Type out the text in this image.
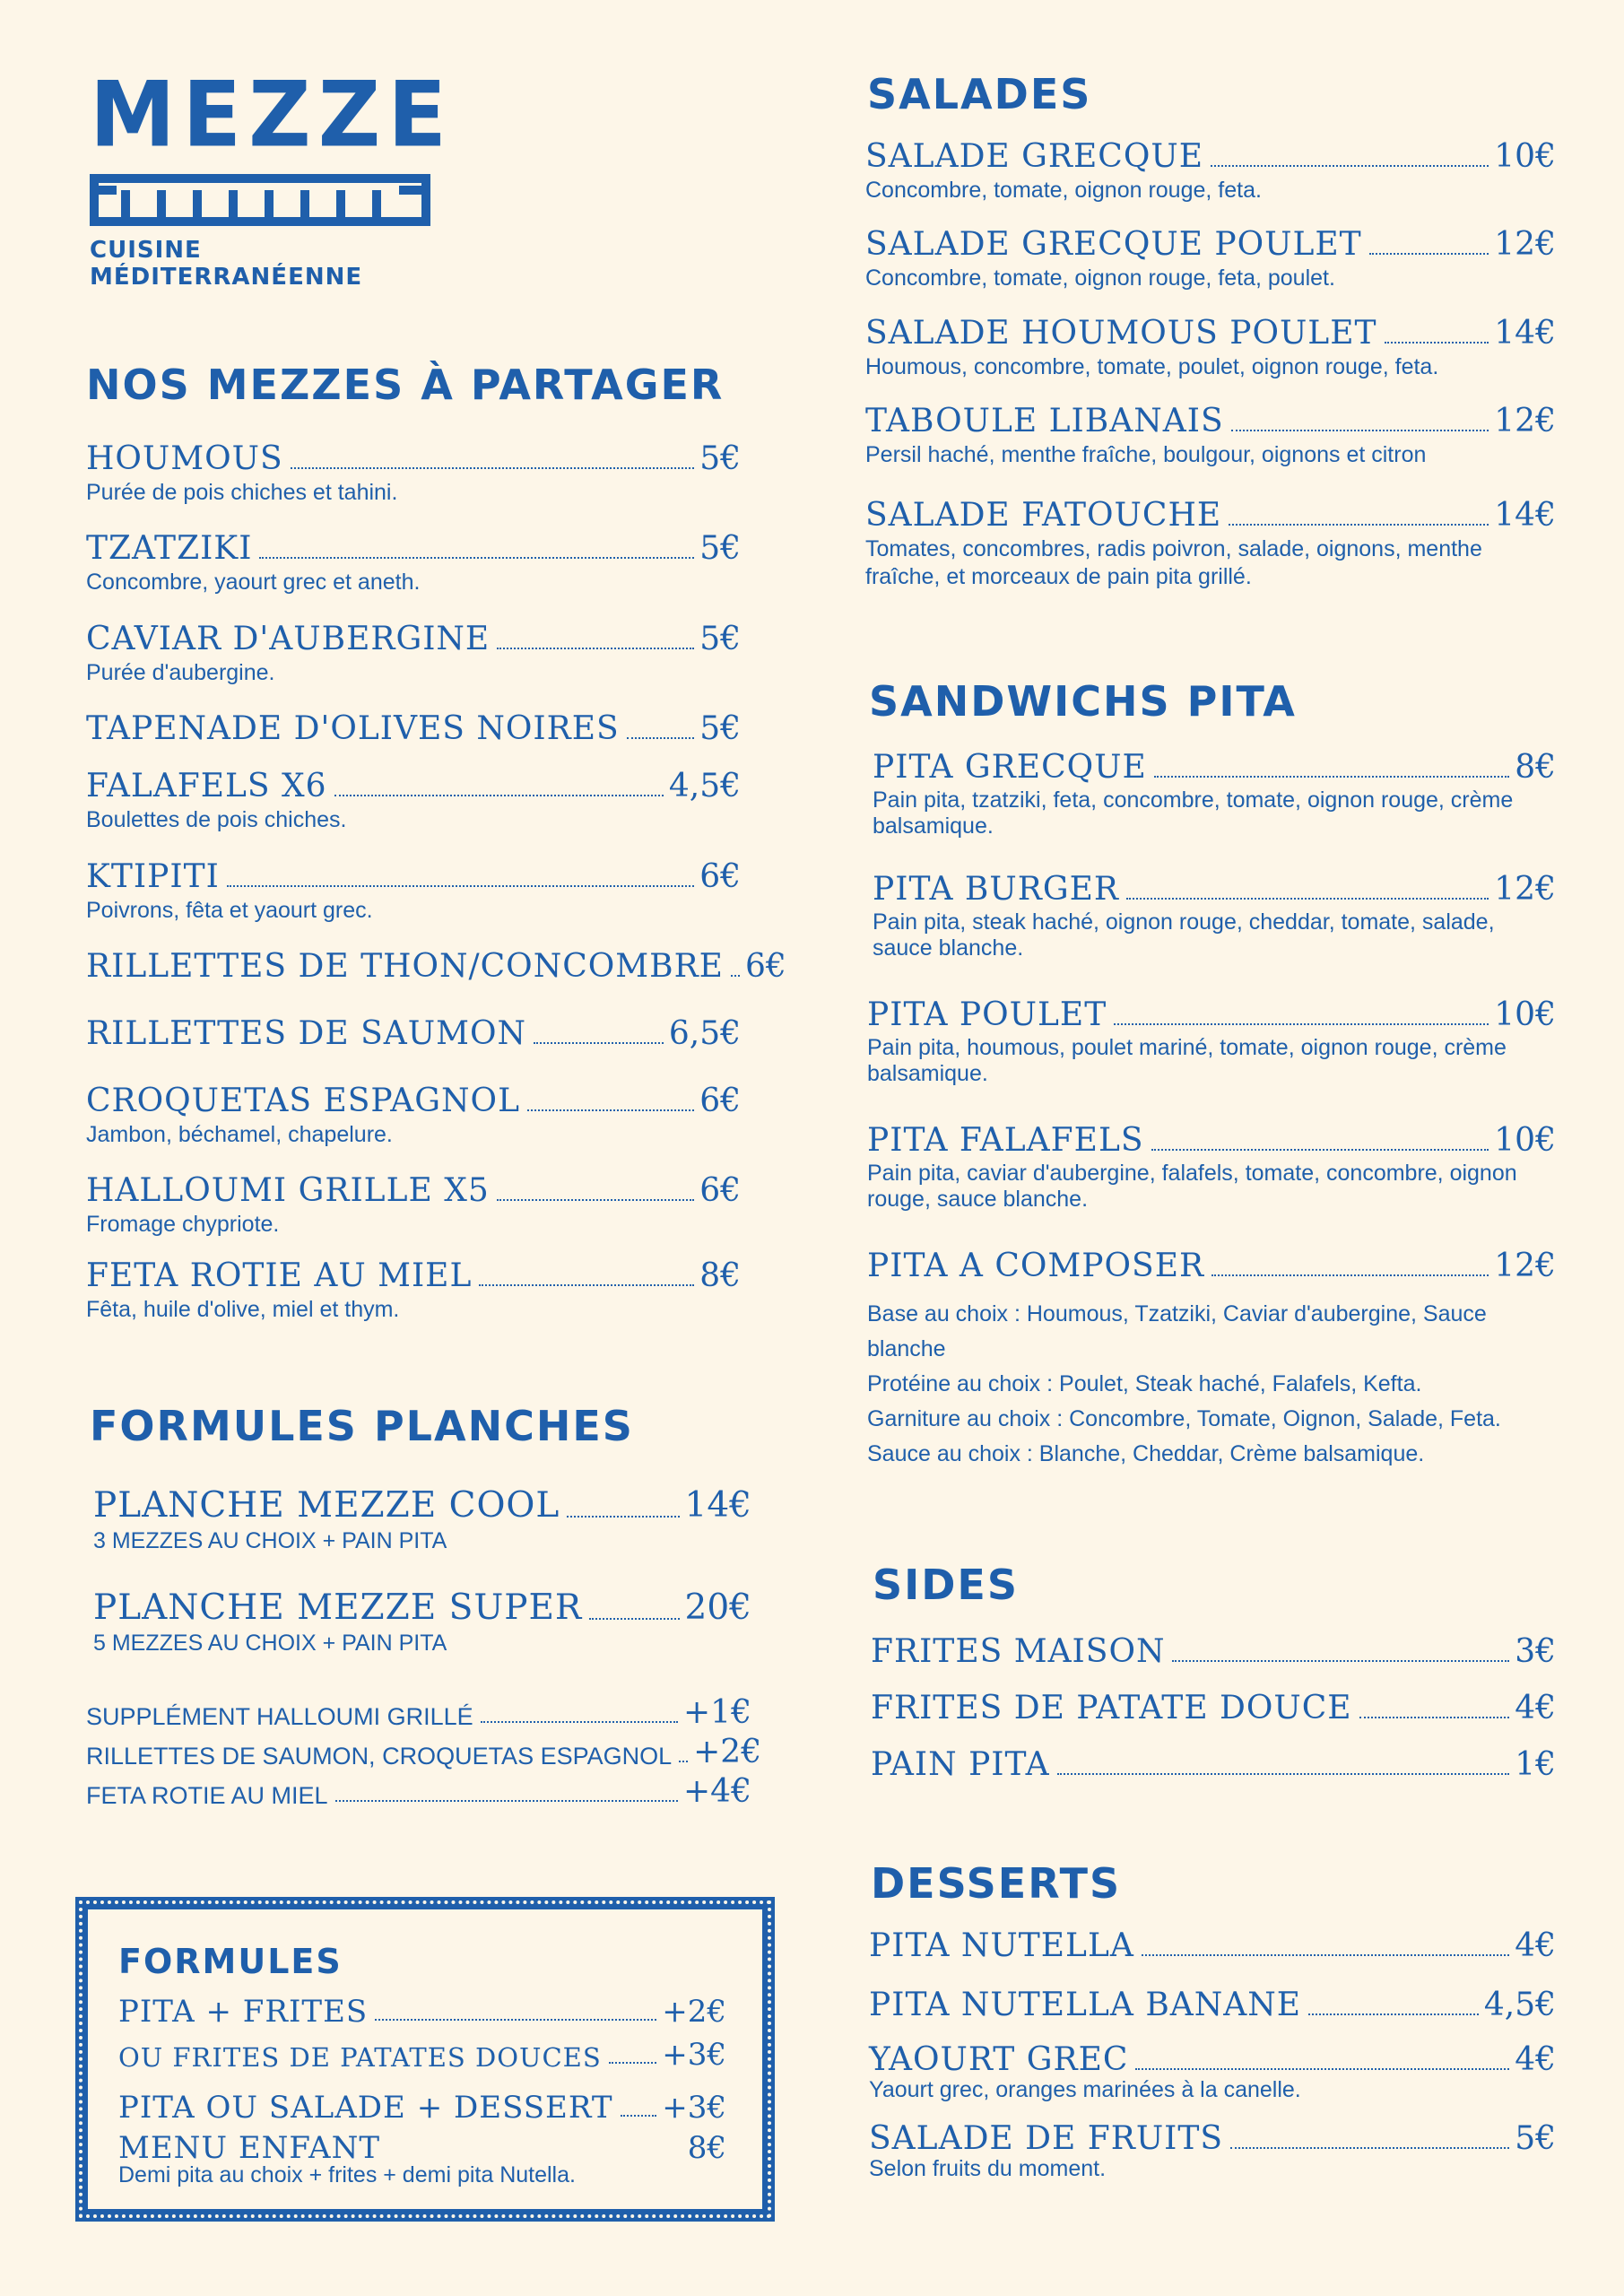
MEZZE
CUISINE MÉDITERRANÉENNE
NOS MEZZES À PARTAGER
HOUMOUS	5€
Purée de pois chiches et tahini.
TZATZIKI	5€
Concombre, yaourt grec et aneth.
CAVIAR D'AUBERGINE	5€
Purée d'aubergine.
TAPENADE D'OLIVES NOIRES 5€
FALAFELS X6	4,5€
Boulettes de pois chiches.
KTIPITI	6€
Poivrons, fêta et yaourt grec.
RILLETTES DE THON/CONCOMBRE 6€
RILLETTES DE SAUMON	6,5€
CROQUETAS ESPAGNOL	6€
Jambon, béchamel, chapelure.
HALLOUMI GRILLE X5	6€
Fromage chypriote.
FETA ROTIE AU MIEL	8€
Fêta, huile d'olive, miel et thym.
FORMULES PLANCHES
PLANCHE MEZZE COOL	14€
3 MEZZES AU CHOIX + PAIN PITA
PLANCHE MEZZE SUPER	20€
5 MEZZES AU CHOIX + PAIN PITA
SUPPLÉMENT HALLOUMI GRILLÉ	+1€
RILLETTES DE SAUMON, CROQUETAS ESPAGNOL +2€
FETA ROTIE AU MIEL	+4€
FORMULES
PITA + FRITES	+2€
OU FRITES DE PATATES DOUCES +3€
PITA OU SALADE + DESSERT +3€
MENU ENFANT	8€
Demi pita au choix + frites + demi pita Nutella.
SALADES
SALADE GRECQUE	10€
Concombre, tomate, oignon rouge, feta.
SALADE GRECQUE POULET	12€
Concombre, tomate, oignon rouge, feta, poulet.
SALADE HOUMOUS POULET	14€
Houmous, concombre, tomate, poulet, oignon rouge, feta.
TABOULE LIBANAIS	12€
Persil haché, menthe fraîche, boulgour, oignons et citron
SALADE FATOUCHE	14€
Tomates, concombres, radis poivron, salade, oignons, menthe fraîche, et morceaux de pain pita grillé.
SANDWICHS PITA
PITA GRECQUE	8€
Pain pita, tzatziki, feta, concombre, tomate, oignon rouge, crème balsamique.
PITA BURGER	12€
Pain pita, steak haché, oignon rouge, cheddar, tomate, salade, sauce blanche.
PITA POULET	10€
Pain pita, houmous, poulet mariné, tomate, oignon rouge, crème balsamique.
PITA FALAFELS	10€
Pain pita, caviar d'aubergine, falafels, tomate, concombre, oignon rouge, sauce blanche.
PITA A COMPOSER	12€
Base au choix : Houmous, Tzatziki, Caviar d'aubergine, Sauce blanche
Protéine au choix : Poulet, Steak haché, Falafels, Kefta.
Garniture au choix : Concombre, Tomate, Oignon, Salade, Feta.
Sauce au choix : Blanche, Cheddar, Crème balsamique.
SIDES
FRITES MAISON	3€
FRITES DE PATATE DOUCE	4€
PAIN PITA	1€
DESSERTS
PITA NUTELLA	4€
PITA NUTELLA BANANE	4,5€
YAOURT GREC	4€
Yaourt grec, oranges marinées à la canelle.
SALADE DE FRUITS	5€
Selon fruits du moment.
